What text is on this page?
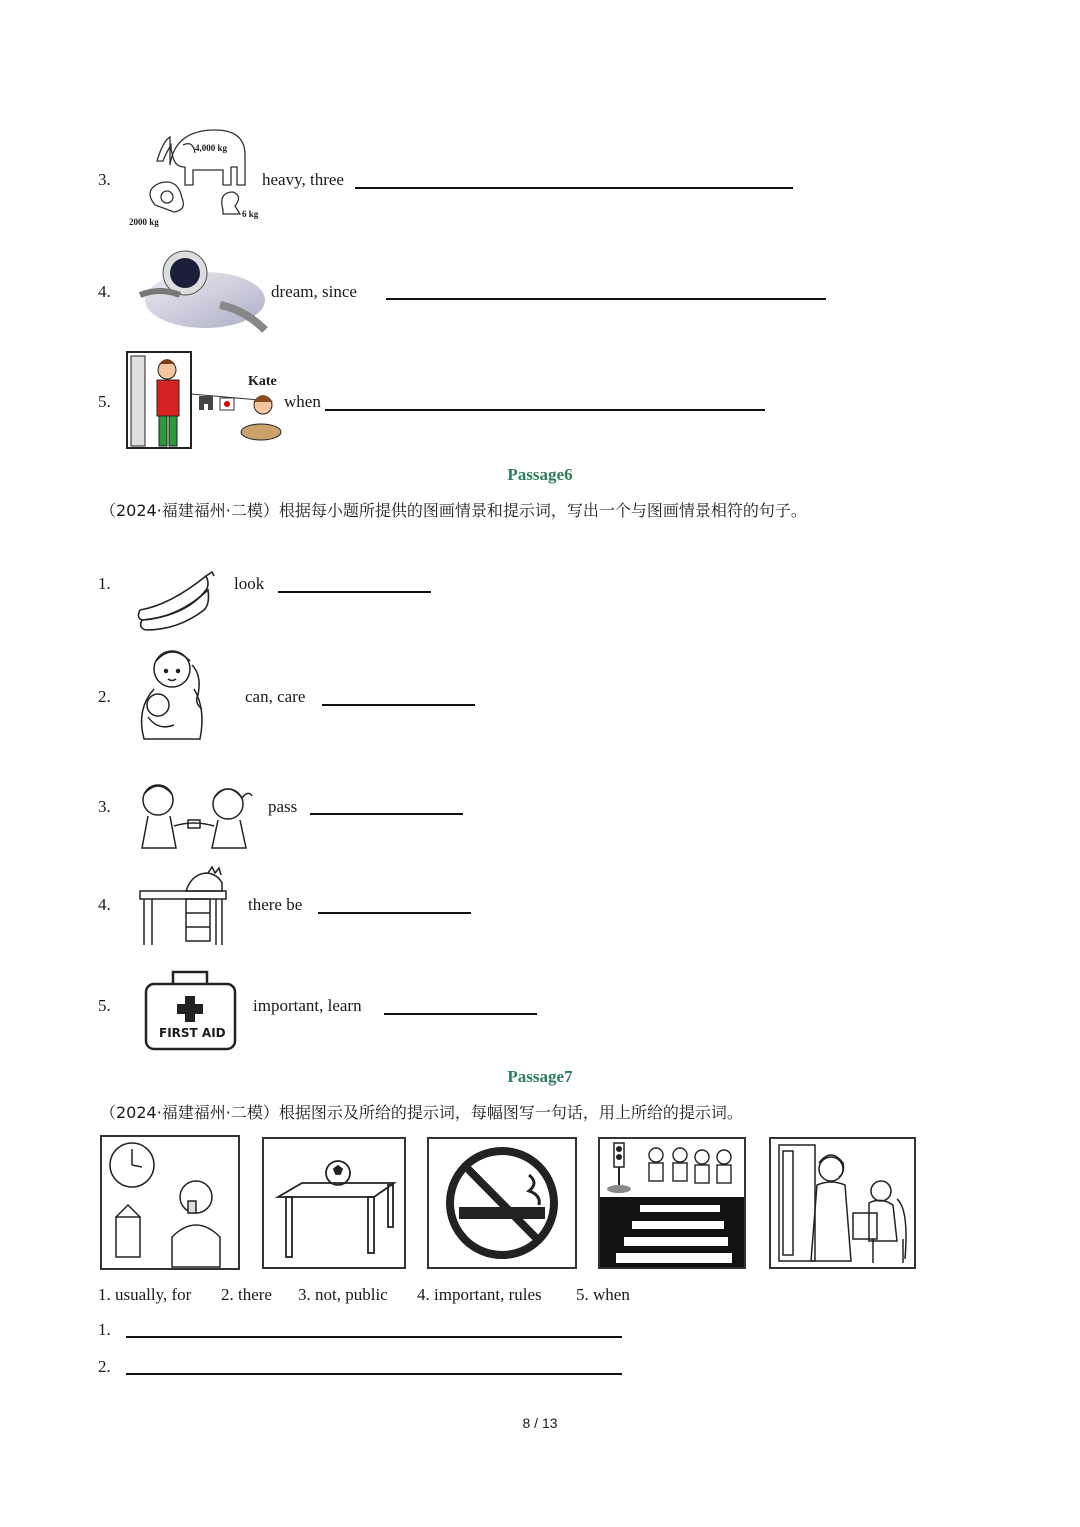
3.
4,000 kg
2000 kg
6 kg
heavy, three
4.	dream, since
5.
Kate
when
Passage6
（2024·福建福州·二模）根据每小题所提供的图画情景和提示词，写出一个与图画情景相符的句子。
1.	look
2.	can, care
3.	pass
4.	there be
5.
FIRST AID
important, learn
Passage7
（2024·福建福州·二模）根据图示及所给的提示词，每幅图写一句话，用上所给的提示词。
1. usually, for 2. there 3. not, public 4. important, rules 5. when
1.
2.
8 / 13
